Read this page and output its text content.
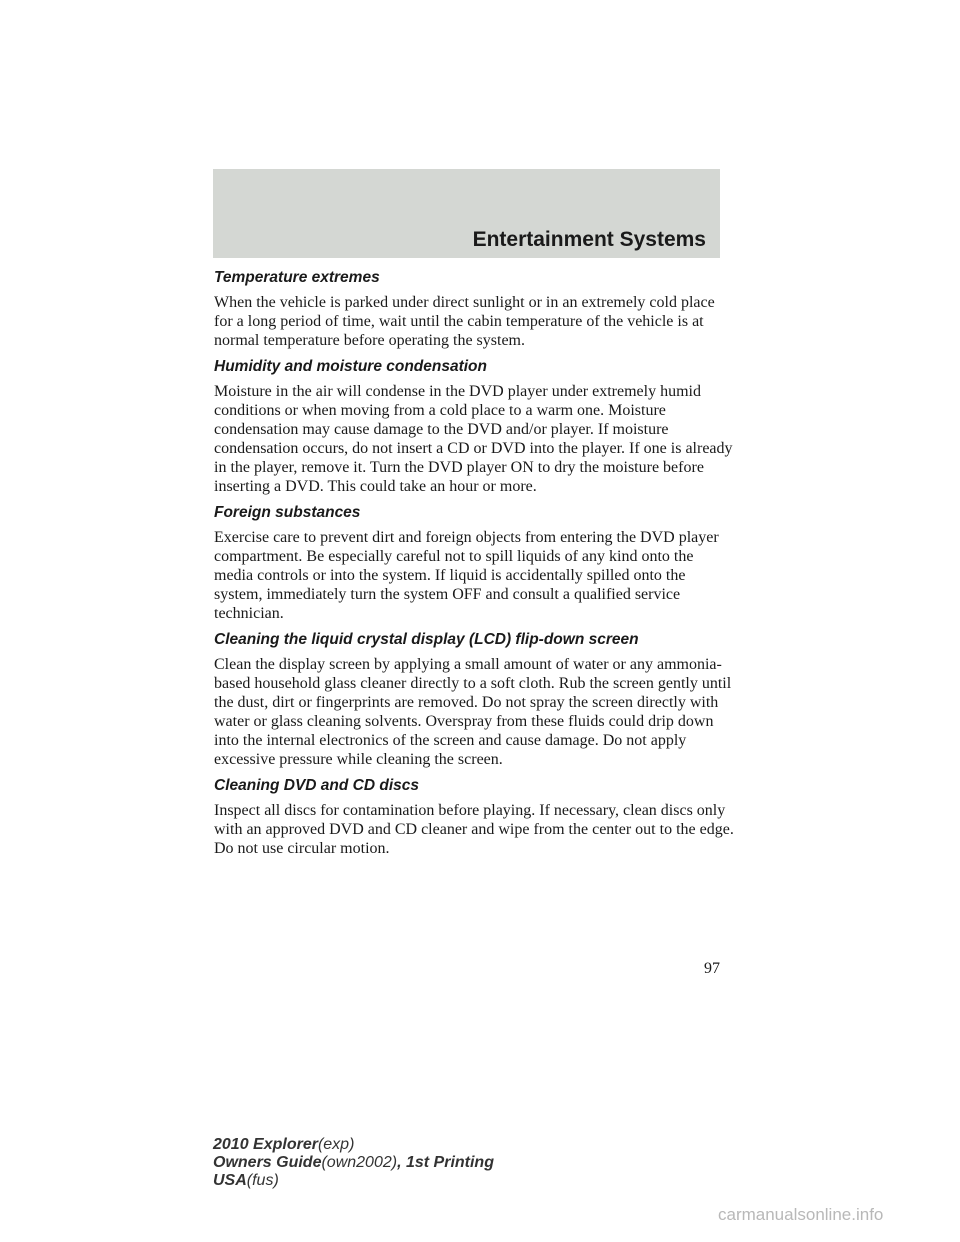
Entertainment Systems
Temperature extremes

When the vehicle is parked under direct sunlight or in an extremely cold place for a long period of time, wait until the cabin temperature of the vehicle is at normal temperature before operating the system.

Humidity and moisture condensation

Moisture in the air will condense in the DVD player under extremely humid conditions or when moving from a cold place to a warm one. Moisture condensation may cause damage to the DVD and/or player. If moisture condensation occurs, do not insert a CD or DVD into the player. If one is already in the player, remove it. Turn the DVD player ON to dry the moisture before inserting a DVD. This could take an hour or more.

Foreign substances

Exercise care to prevent dirt and foreign objects from entering the DVD player compartment. Be especially careful not to spill liquids of any kind onto the media controls or into the system. If liquid is accidentally spilled onto the system, immediately turn the system OFF and consult a qualified service technician.

Cleaning the liquid crystal display (LCD) flip-down screen

Clean the display screen by applying a small amount of water or any ammonia-based household glass cleaner directly to a soft cloth. Rub the screen gently until the dust, dirt or fingerprints are removed. Do not spray the screen directly with water or glass cleaning solvents. Overspray from these fluids could drip down into the internal electronics of the screen and cause damage. Do not apply excessive pressure while cleaning the screen.

Cleaning DVD and CD discs

Inspect all discs for contamination before playing. If necessary, clean discs only with an approved DVD and CD cleaner and wipe from the center out to the edge. Do not use circular motion.

97
2010 Explorer(exp)
Owners Guide(own2002), 1st Printing
USA(fus)
carmanualsonline.info
